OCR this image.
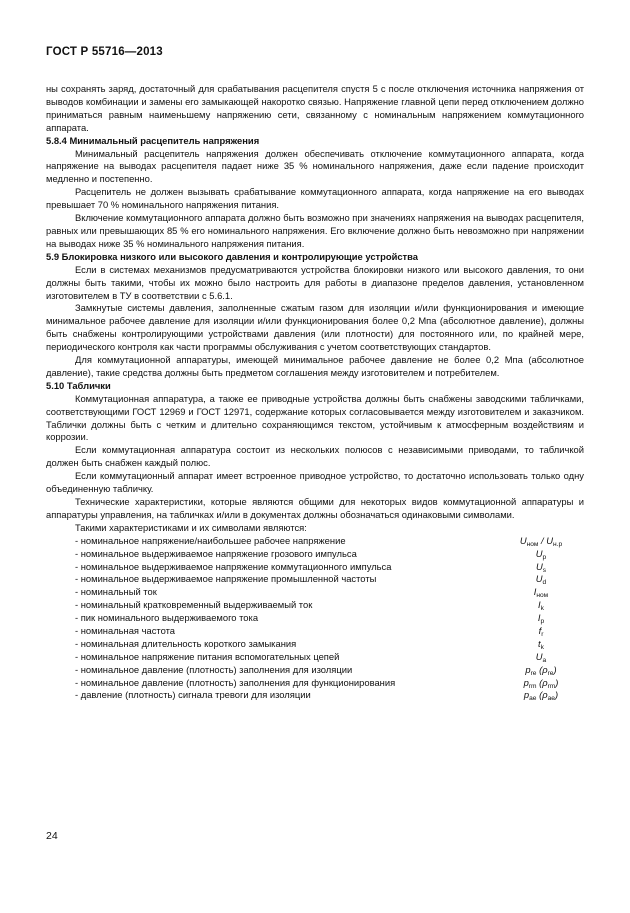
ГОСТ Р 55716—2013

ны сохранять заряд, достаточный для срабатывания расцепителя спустя 5 с после отключения источника напряжения от выводов комбинации и замены его замыкающей накоротко связью. Напряжение главной цепи перед отключением должно приниматься равным наименьшему напряжению сети, связанному с номинальным напряжением коммутационного аппарата.

5.8.4 Минимальный расцепитель напряжения

Минимальный расцепитель напряжения должен обеспечивать отключение коммутационного аппарата, когда напряжение на выводах расцепителя падает ниже 35 % номинального напряжения, даже если падение происходит медленно и постепенно.

Расцепитель не должен вызывать срабатывание коммутационного аппарата, когда напряжение на его выводах превышает 70 % номинального напряжения питания.

Включение коммутационного аппарата должно быть возможно при значениях напряжения на выводах расцепителя, равных или превышающих 85 % его номинального напряжения. Его включение должно быть невозможно при напряжении на выводах ниже 35 % номинального напряжения питания.

5.9 Блокировка низкого или высокого давления и контролирующие устройства

Если в системах механизмов предусматриваются устройства блокировки низкого или высокого давления, то они должны быть такими, чтобы их можно было настроить для работы в диапазоне пределов давления, установленном изготовителем в ТУ в соответствии с 5.6.1.

Замкнутые системы давления, заполненные сжатым газом для изоляции и/или функционирования и имеющие минимальное рабочее давление для изоляции и/или функционирования более 0,2 Мпа (абсолютное давление), должны быть снабжены контролирующими устройствами давления (или плотности) для постоянного или, по крайней мере, периодического контроля как части программы обслуживания с учетом соответствующих стандартов.

Для коммутационной аппаратуры, имеющей минимальное рабочее давление не более 0,2 Мпа (абсолютное давление), такие средства должны быть предметом соглашения между изготовителем и потребителем.

5.10 Таблички

Коммутационная аппаратура, а также ее приводные устройства должны быть снабжены заводскими табличками, соответствующими ГОСТ 12969 и ГОСТ 12971, содержание которых согласовывается между изготовителем и заказчиком. Таблички должны быть с четким и длительно сохраняющимся текстом, устойчивым к атмосферным воздействиям и коррозии.

Если коммутационная аппаратура состоит из нескольких полюсов с независимыми приводами, то табличкой должен быть снабжен каждый полюс.

Если коммутационный аппарат имеет встроенное приводное устройство, то достаточно использовать только одну объединенную табличку.

Технические характеристики, которые являются общими для некоторых видов коммутационной аппаратуры и аппаратуры управления, на табличках и/или в документах должны обозначаться одинаковыми символами.

Такими характеристиками и их символами являются:

- номинальное напряжение/наибольшее рабочее напряжение	$U_{ном} / U_{н.р}$
- номинальное выдерживаемое напряжение грозового импульса	$U_p$
- номинальное выдерживаемое напряжение коммутационного импульса	$U_s$
- номинальное выдерживаемое напряжение промышленной частоты	$U_d$
- номинальный ток	$I_{ном}$
- номинальный кратковременный выдерживаемый ток	$I_k$
- пик номинального выдерживаемого тока	$I_p$
- номинальная частота	$f_r$
- номинальная длительность короткого замыкания	$t_k$
- номинальное напряжение питания вспомогательных цепей	$U_a$
- номинальное давление (плотность) заполнения для изоляции	$p_{re}$ $(\rho_{re})$
- номинальное давление (плотность) заполнения для функционирования	$p_{rm}$ $(\rho_{rm})$
- давление (плотность) сигнала тревоги для изоляции	$p_{ae}$ $(\rho_{ae})$
24
